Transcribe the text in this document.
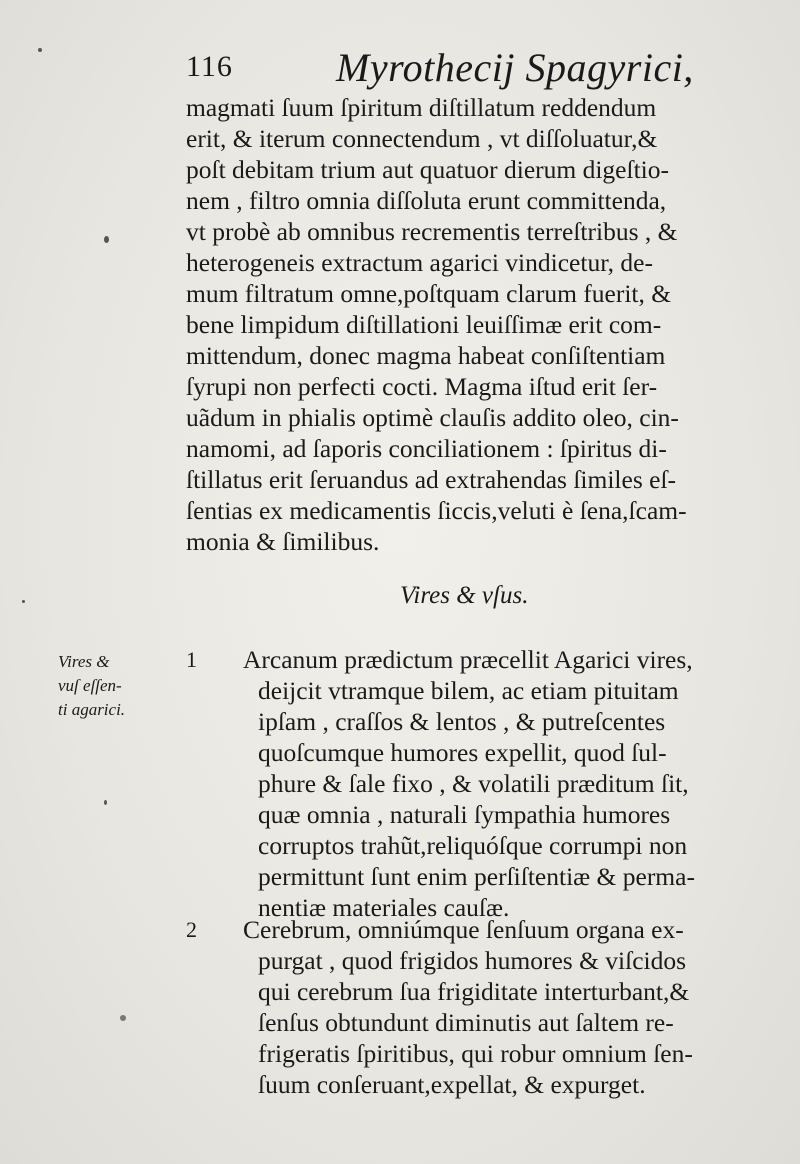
116	Myrothecij Spagyrici,
magmati ſuum ſpiritum diſtillatum reddendum
erit, & iterum connectendum , vt diſſoluatur,&
poſt debitam trium aut quatuor dierum digeſtio-
nem , filtro omnia diſſoluta erunt committenda,
vt probè ab omnibus recrementis terreſtribus , &
heterogeneis extractum agarici vindicetur, de-
mum filtratum omne,poſtquam clarum fuerit, &
bene limpidum diſtillationi leuiſſimæ erit com-
mittendum, donec magma habeat conſiſtentiam
ſyrupi non perfecti cocti. Magma iſtud erit ſer-
uãdum in phialis optimè clauſis addito oleo, cin-
namomi, ad ſaporis conciliationem : ſpiritus di-
ſtillatus erit ſeruandus ad extrahendas ſimiles eſ-
ſentias ex medicamentis ſiccis,veluti è ſena,ſcam-
monia & ſimilibus.
Vires & vſus.
Vires &
vuſ eſſen-
ti agarici.
1 Arcanum prædictum præcellit Agarici vires,
deijcit vtramque bilem, ac etiam pituitam
ipſam , craſſos & lentos , & putreſcentes
quoſcumque humores expellit, quod ſul-
phure & ſale fixo , & volatili præditum ſit,
quæ omnia , naturali ſympathia humores
corruptos trahũt,reliquóſque corrumpi non
permittunt ſunt enim perſiſtentiæ & perma-
nentiæ materiales cauſæ.
2 Cerebrum, omniúmque ſenſuum organa ex-
purgat , quod frigidos humores & viſcidos
qui cerebrum ſua frigiditate interturbant,&
ſenſus obtundunt diminutis aut ſaltem re-
frigeratis ſpiritibus, qui robur omnium ſen-
ſuum conſeruant,expellat, & expurget.
